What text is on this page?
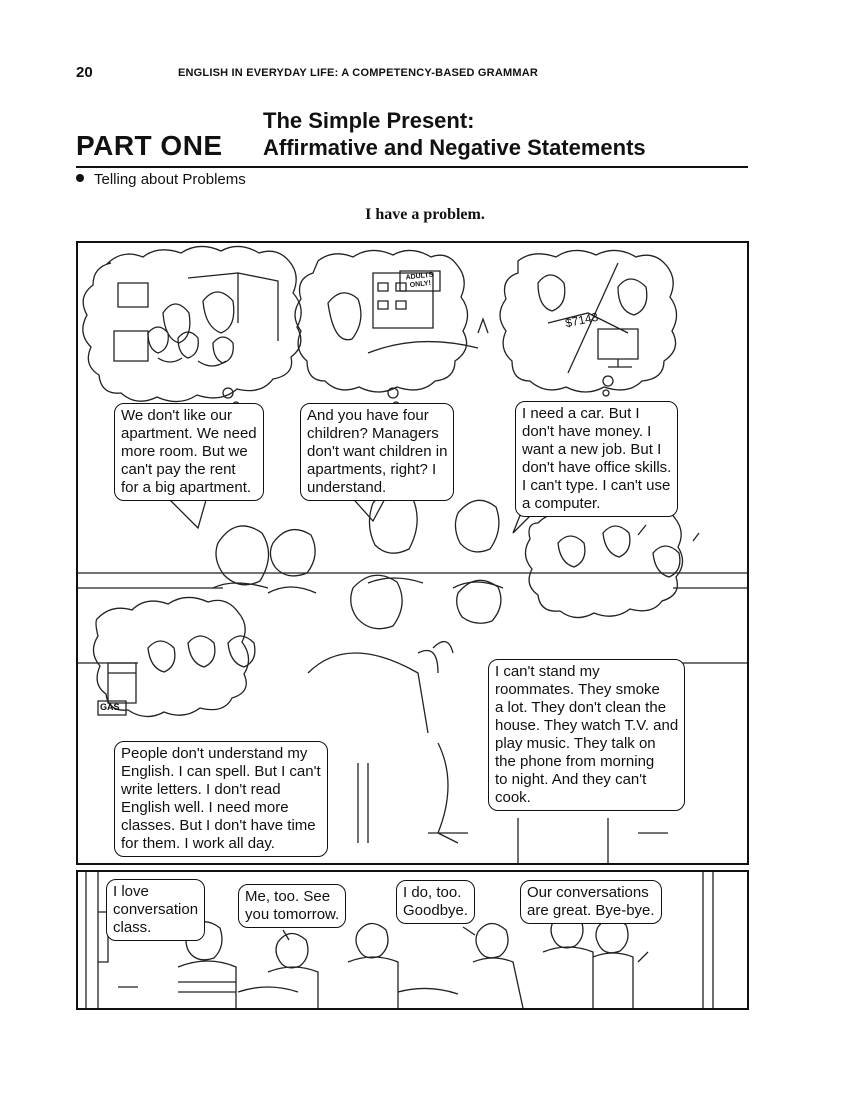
20	ENGLISH IN EVERYDAY LIFE: A COMPETENCY-BASED GRAMMAR
PART ONE
The Simple Present:
Affirmative and Negative Statements
Telling about Problems
I have a problem.
ADULTS ONLY!
$7143
GAS
We don't like our
apartment. We need
more room. But we
can't pay the rent
for a big apartment.
And you have four
children? Managers
don't want children in
apartments, right? I
understand.
I need a car. But I
don't have money. I
want a new job. But I
don't have office skills.
I can't type. I can't use
a computer.
People don't understand my
English. I can spell. But I can't
write letters. I don't read
English well. I need more
classes. But I don't have time
for them. I work all day.
I can't stand my
roommates. They smoke
a lot. They don't clean the
house. They watch T.V. and
play music. They talk on
the phone from morning
to night. And they can't
cook.
I love
conversation
class.
Me, too. See
you tomorrow.
I do, too.
Goodbye.
Our conversations
are great. Bye-bye.
